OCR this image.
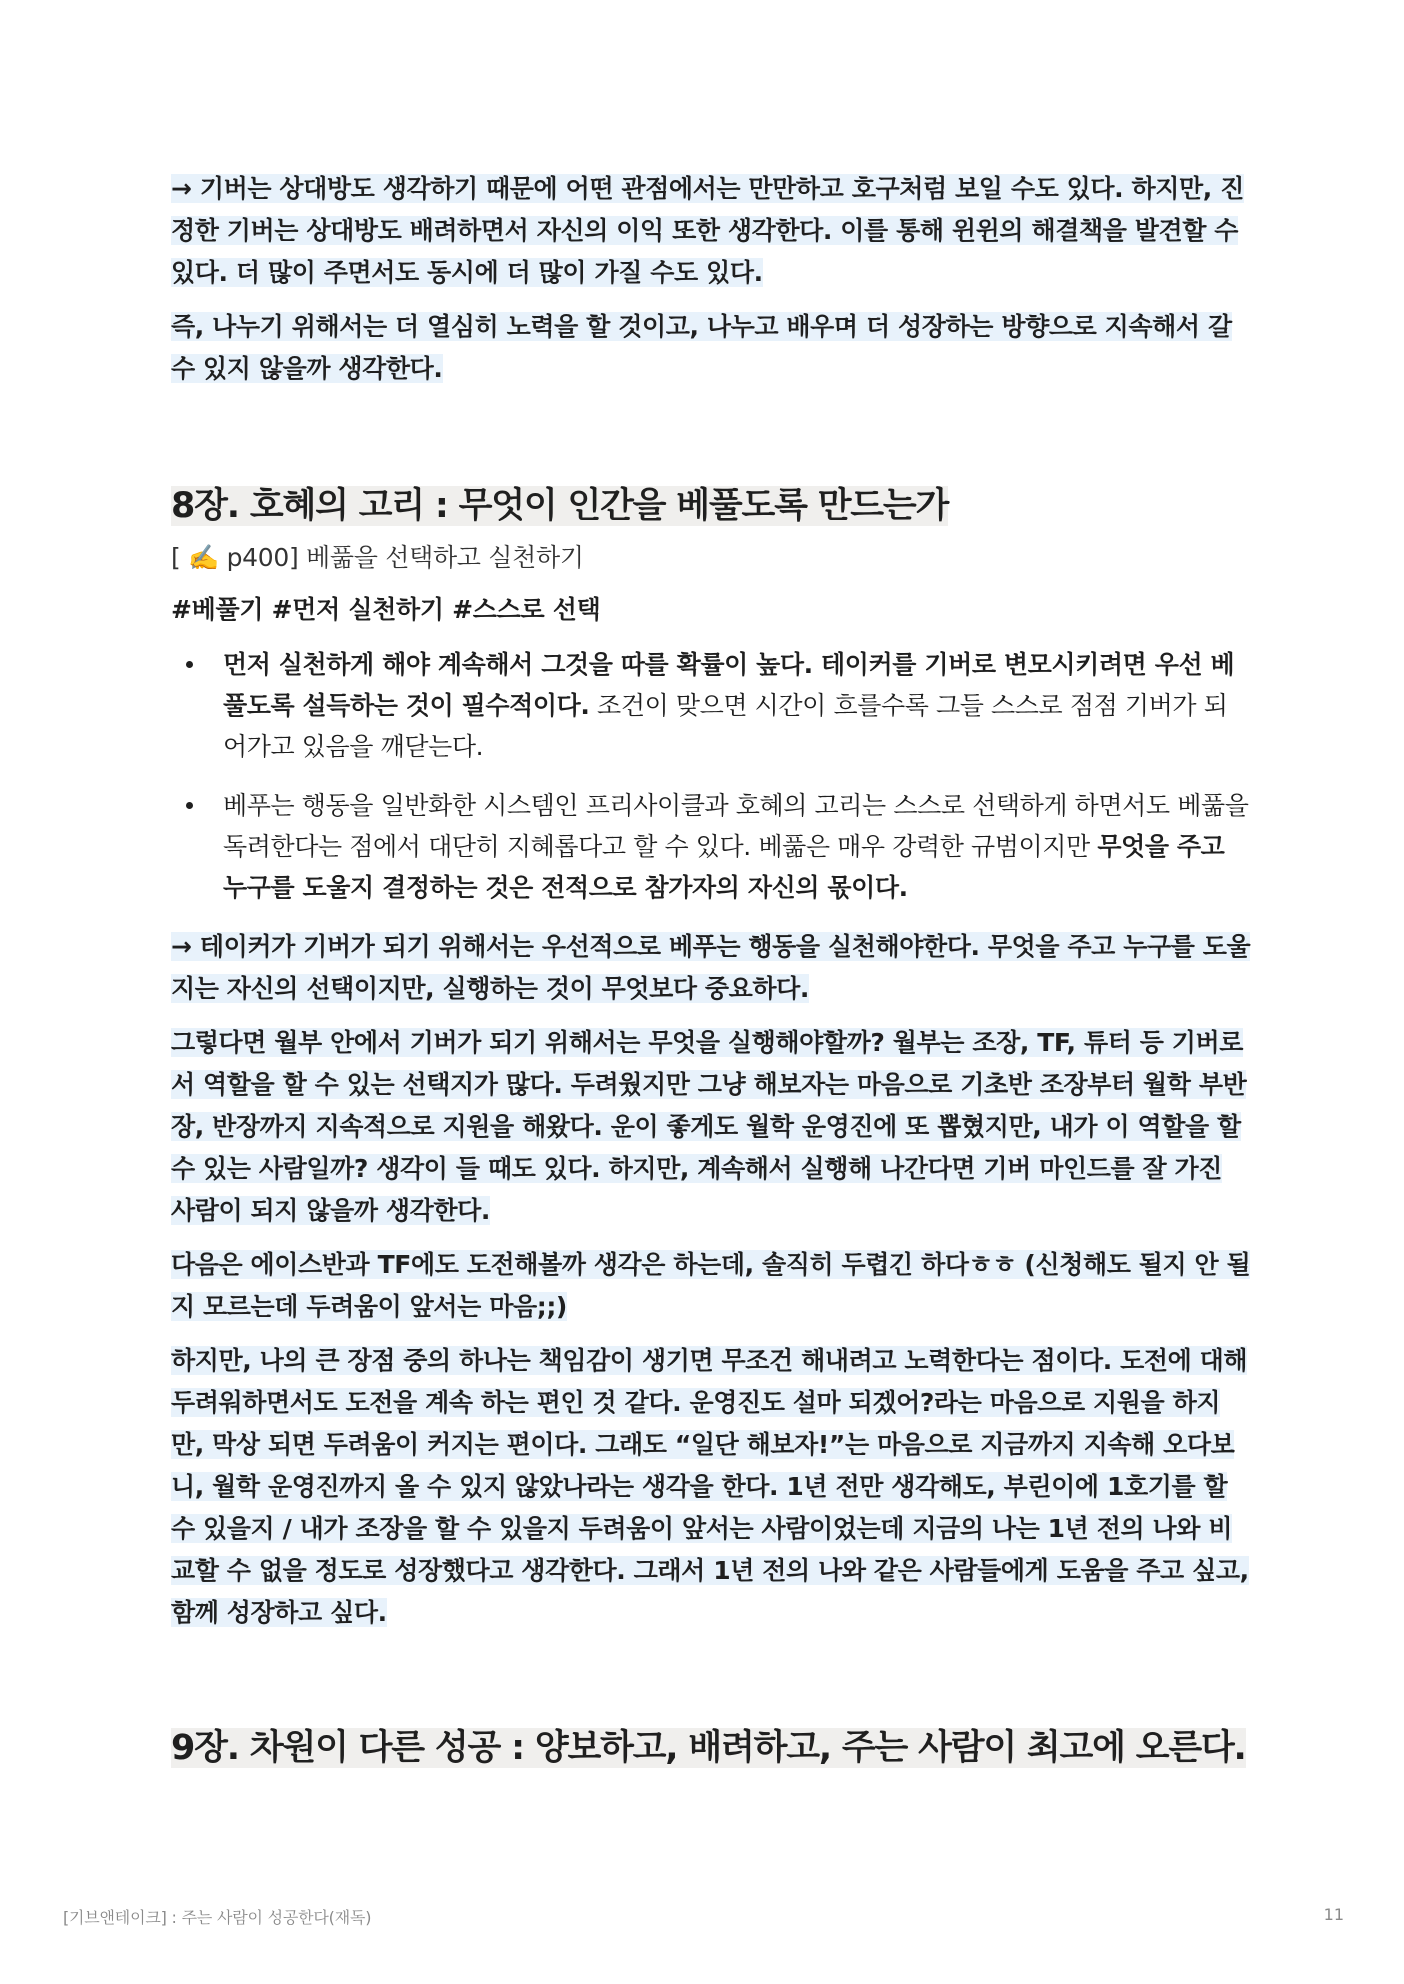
→ 기버는 상대방도 생각하기 때문에 어떤 관점에서는 만만하고 호구처럼 보일 수도 있다. 하지만, 진정한 기버는 상대방도 배려하면서 자신의 이익 또한 생각한다. 이를 통해 윈윈의 해결책을 발견할 수 있다. 더 많이 주면서도 동시에 더 많이 가질 수도 있다.

즉, 나누기 위해서는 더 열심히 노력을 할 것이고, 나누고 배우며 더 성장하는 방향으로 지속해서 갈 수 있지 않을까 생각한다.

8장. 호혜의 고리 : 무엇이 인간을 베풀도록 만드는가

[ ✍️ p400] 베풂을 선택하고 실천하기

#베풀기 #먼저 실천하기 #스스로 선택

먼저 실천하게 해야 계속해서 그것을 따를 확률이 높다. 테이커를 기버로 변모시키려면 우선 베풀도록 설득하는 것이 필수적이다. 조건이 맞으면 시간이 흐를수록 그들 스스로 점점 기버가 되어가고 있음을 깨닫는다.
베푸는 행동을 일반화한 시스템인 프리사이클과 호혜의 고리는 스스로 선택하게 하면서도 베풂을 독려한다는 점에서 대단히 지혜롭다고 할 수 있다. 베풂은 매우 강력한 규범이지만 무엇을 주고 누구를 도울지 결정하는 것은 전적으로 참가자의 자신의 몫이다.

→ 테이커가 기버가 되기 위해서는 우선적으로 베푸는 행동을 실천해야한다. 무엇을 주고 누구를 도울지는 자신의 선택이지만, 실행하는 것이 무엇보다 중요하다.

그렇다면 월부 안에서 기버가 되기 위해서는 무엇을 실행해야할까? 월부는 조장, TF, 튜터 등 기버로서 역할을 할 수 있는 선택지가 많다. 두려웠지만 그냥 해보자는 마음으로 기초반 조장부터 월학 부반장, 반장까지 지속적으로 지원을 해왔다. 운이 좋게도 월학 운영진에 또 뽑혔지만, 내가 이 역할을 할 수 있는 사람일까? 생각이 들 때도 있다. 하지만, 계속해서 실행해 나간다면 기버 마인드를 잘 가진 사람이 되지 않을까 생각한다.

다음은 에이스반과 TF에도 도전해볼까 생각은 하는데, 솔직히 두렵긴 하다ㅎㅎ (신청해도 될지 안 될지 모르는데 두려움이 앞서는 마음;;)

하지만, 나의 큰 장점 중의 하나는 책임감이 생기면 무조건 해내려고 노력한다는 점이다. 도전에 대해 두려워하면서도 도전을 계속 하는 편인 것 같다. 운영진도 설마 되겠어?라는 마음으로 지원을 하지만, 막상 되면 두려움이 커지는 편이다. 그래도 “일단 해보자!”는 마음으로 지금까지 지속해 오다보니, 월학 운영진까지 올 수 있지 않았나라는 생각을 한다. 1년 전만 생각해도, 부린이에 1호기를 할 수 있을지 / 내가 조장을 할 수 있을지 두려움이 앞서는 사람이었는데 지금의 나는 1년 전의 나와 비교할 수 없을 정도로 성장했다고 생각한다. 그래서 1년 전의 나와 같은 사람들에게 도움을 주고 싶고, 함께 성장하고 싶다.

9장. 차원이 다른 성공 : 양보하고, 배려하고, 주는 사람이 최고에 오른다.
[기브앤테이크] : 주는 사람이 성공한다(재독)	11
